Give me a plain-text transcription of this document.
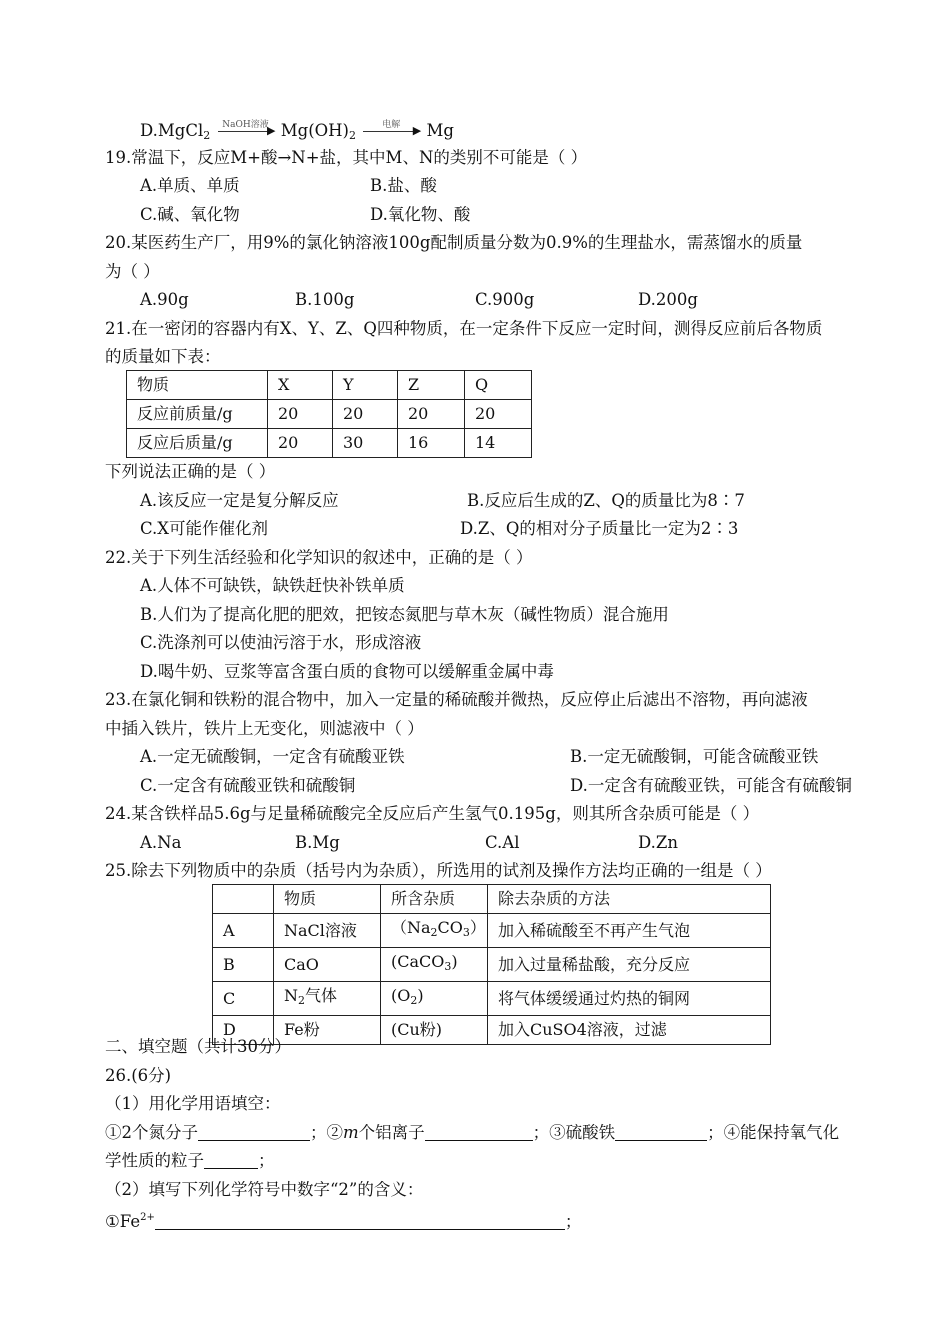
D.MgCl$_2$
NaOH溶液
▶ $Mg(OH)_2$
电解	▶ Mg
19.常温下，反应M+酸→N+盐，其中M、N的类别不可能是（ ）
A.单质、单质	B.盐、酸
C.碱、氧化物	D.氧化物、酸
20.某医药生产厂，用9%的氯化钠溶液100g配制质量分数为0.9%的生理盐水，需蒸馏水的质量
为（ ）
A.90g	B.100g	C.900g	D.200g
21.在一密闭的容器内有X、Y、Z、Q四种物质，在一定条件下反应一定时间，测得反应前后各物质
的质量如下表：
物质	X	Y	Z	Q
反应前质量/g	20	20	20	20
反应后质量/g	20	30	16	14
下列说法正确的是（ ）
A.该反应一定是复分解反应	B.反应后生成的Z、Q的质量比为8∶7
C.X可能作催化剂	D.Z、Q的相对分子质量比一定为2∶3
22.关于下列生活经验和化学知识的叙述中，正确的是（ ）
A.人体不可缺铁，缺铁赶快补铁单质
B.人们为了提高化肥的肥效，把铵态氮肥与草木灰（碱性物质）混合施用
C.洗涤剂可以使油污溶于水，形成溶液
D.喝牛奶、豆浆等富含蛋白质的食物可以缓解重金属中毒
23.在氯化铜和铁粉的混合物中，加入一定量的稀硫酸并微热，反应停止后滤出不溶物，再向滤液
中插入铁片，铁片上无变化，则滤液中（ ）
A.一定无硫酸铜，一定含有硫酸亚铁	B.一定无硫酸铜，可能含硫酸亚铁
C.一定含有硫酸亚铁和硫酸铜	D.一定含有硫酸亚铁，可能含有硫酸铜
24.某含铁样品5.6g与足量稀硫酸完全反应后产生氢气0.195g，则其所含杂质可能是（ ）
A.Na	B.Mg	C.Al	D.Zn
25.除去下列物质中的杂质（括号内为杂质），所选用的试剂及操作方法均正确的一组是（ ）
	物质	所含杂质	除去杂质的方法
A	NaCl溶液	$(Na_2CO_3)$	加入稀硫酸至不再产生气泡
B	CaO	(CaCO$_3$)	加入过量稀盐酸，充分反应
C	$N_2$气体	$(O_2)$	将气体缓缓通过灼热的铜网
D	Fe粉	(Cu粉)	加入CuSO4溶液，过滤
二、填空题（共计30分）
26.(6分)
（1）用化学用语填空：
①2个氮分子	；②m个铝离子	；③硫酸铁	；④能保持氧气化
学性质的粒子	；
（2）填写下列化学符号中数字“2”的含义：
$①Fe^{2+}$	；
